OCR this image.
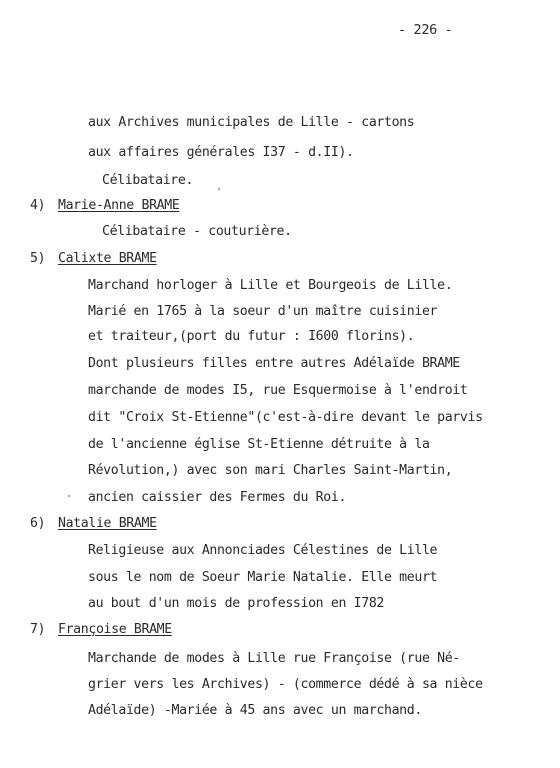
- 226 -
aux Archives municipales de Lille - cartons
aux affaires générales I37 - d.II).
Célibataire.
4) Marie-Anne BRAME
Célibataire - couturière.
5) Calixte BRAME
Marchand horloger à Lille et Bourgeois de Lille.
Marié en 1765 à la soeur d'un maître cuisinier
et traiteur,(port du futur : I600 florins).
Dont plusieurs filles entre autres Adélaïde BRAME
marchande de modes I5, rue Esquermoise à l'endroit
dit "Croix St-Etienne"(c'est-à-dire devant le parvis
de l'ancienne église St-Etienne détruite à la
Révolution,) avec son mari Charles Saint-Martin,
ancien caissier des Fermes du Roi.
6) Natalie BRAME
Religieuse aux Annonciades Célestines de Lille
sous le nom de Soeur Marie Natalie. Elle meurt
au bout d'un mois de profession en I782
7) Françoise BRAME
Marchande de modes à Lille rue Françoise (rue Né-
grier vers les Archives) - (commerce dédé à sa nièce
Adélaïde) -Mariée à 45 ans avec un marchand.
